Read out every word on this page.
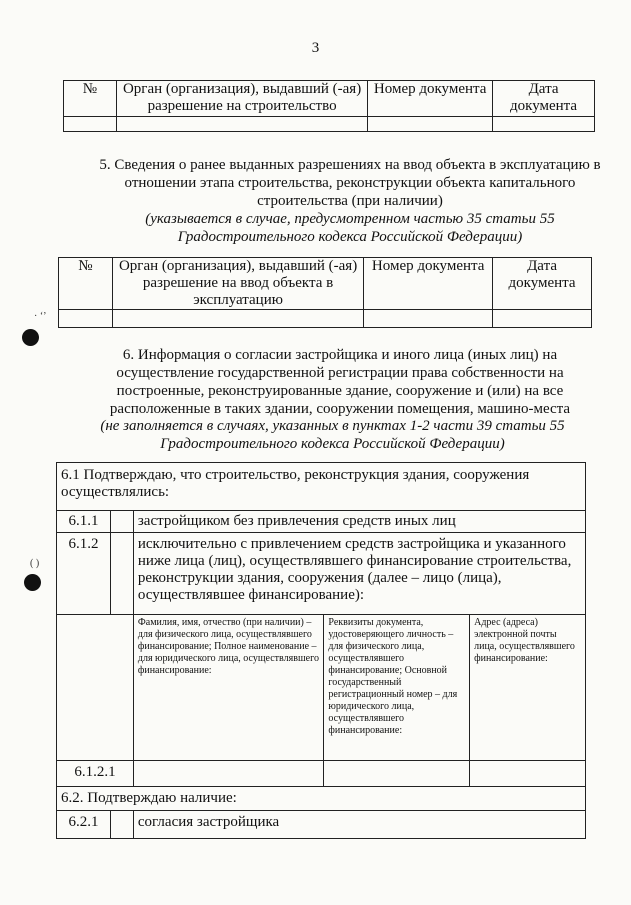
3
№	Орган (организация), выдавший (-ая) разрешение на строительство	Номер документа	Дата документа

5. Сведения о ранее выданных разрешениях на ввод объекта в эксплуатацию в отношении этапа строительства, реконструкции объекта капитального строительства (при наличии)
(указывается в случае, предусмотренном частью 35 статьи 55 Градостроительного кодекса Российской Федерации)
№	Орган (организация), выдавший (-ая) разрешение на ввод объекта в эксплуатацию	Номер документа	Дата документа

6. Информация о согласии застройщика и иного лица (иных лиц) на осуществление государственной регистрации права собственности на построенные, реконструированные здание, сооружение и (или) на все расположенные в таких здании, сооружении помещения, машино-места
(не заполняется в случаях, указанных в пунктах 1-2 части 39 статьи 55 Градостроительного кодекса Российской Федерации)
6.1 Подтверждаю, что строительство, реконструкция здания, сооружения осуществлялись:				
6.1.1		застройщиком без привлечения средств иных лиц		
6.1.2		исключительно с привлечением средств застройщика и указанного ниже лица (лиц), осуществлявшего финансирование строительства, реконструкции здания, сооружения (далее – лицо (лица), осуществлявшее финансирование):		
		Фамилия, имя, отчество (при наличии) – для физического лица, осуществлявшего финансирование; Полное наименование – для юридического лица, осуществлявшего финансирование:	Реквизиты документа, удостоверяющего личность – для физического лица, осуществлявшего финансирование; Основной государственный регистрационный номер – для юридического лица, осуществлявшего финансирование:	Адрес (адреса) электронной почты лица, осуществлявшего финансирование:
6.1.2.1				
6.2. Подтверждаю наличие:				
6.2.1		согласия застройщика		
· ʻʼ
( )
